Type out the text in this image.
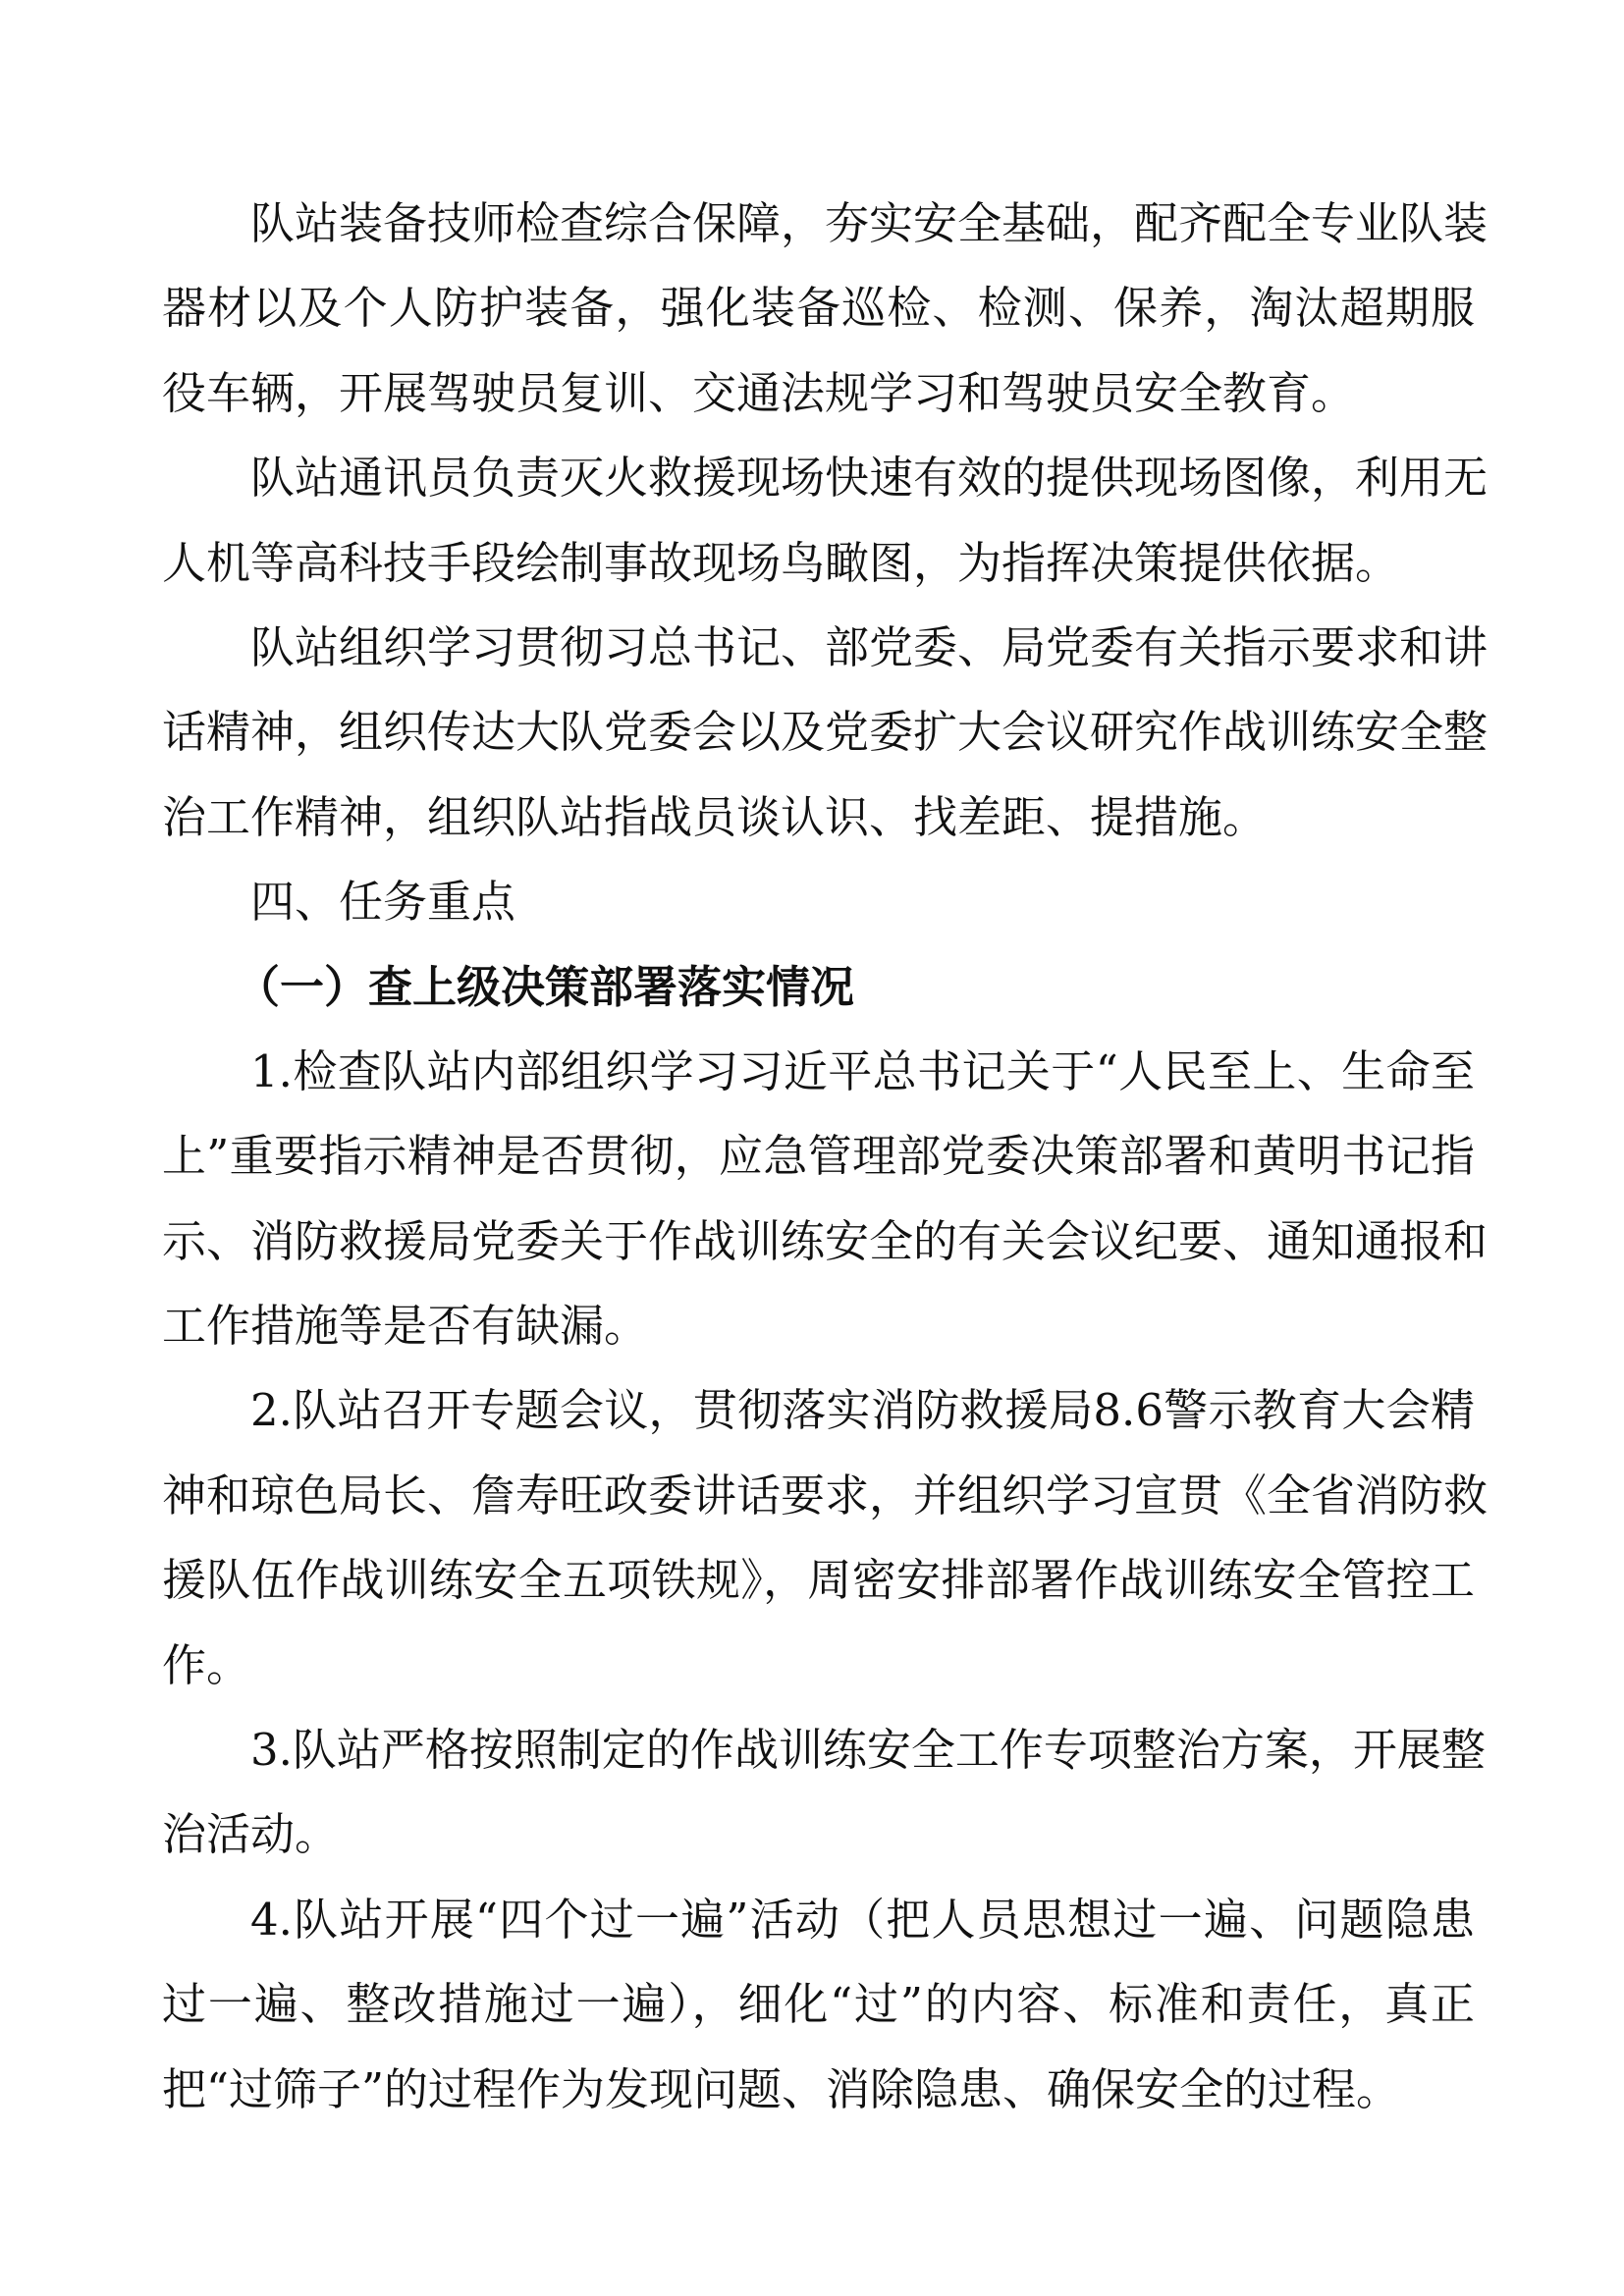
队站装备技师检查综合保障，夯实安全基础，配齐配全专业队装
器材以及个人防护装备，强化装备巡检、检测、保养，淘汰超期服
役车辆，开展驾驶员复训、交通法规学习和驾驶员安全教育。
队站通讯员负责灭火救援现场快速有效的提供现场图像，利用无
人机等高科技手段绘制事故现场鸟瞰图，为指挥决策提供依据。
队站组织学习贯彻习总书记、部党委、局党委有关指示要求和讲
话精神，组织传达大队党委会以及党委扩大会议研究作战训练安全整
治工作精神，组织队站指战员谈认识、找差距、提措施。
四、任务重点
（一）查上级决策部署落实情况
1.检查队站内部组织学习习近平总书记关于“人民至上、生命至
上”重要指示精神是否贯彻，应急管理部党委决策部署和黄明书记指
示、消防救援局党委关于作战训练安全的有关会议纪要、通知通报和
工作措施等是否有缺漏。
2.队站召开专题会议，贯彻落实消防救援局8.6警示教育大会精
神和琼色局长、詹寿旺政委讲话要求，并组织学习宣贯《全省消防救
援队伍作战训练安全五项铁规》，周密安排部署作战训练安全管控工
作。
3.队站严格按照制定的作战训练安全工作专项整治方案，开展整
治活动。
4.队站开展“四个过一遍”活动（把人员思想过一遍、问题隐患
过一遍、整改措施过一遍），细化“过”的内容、标准和责任，真正
把“过筛子”的过程作为发现问题、消除隐患、确保安全的过程。
